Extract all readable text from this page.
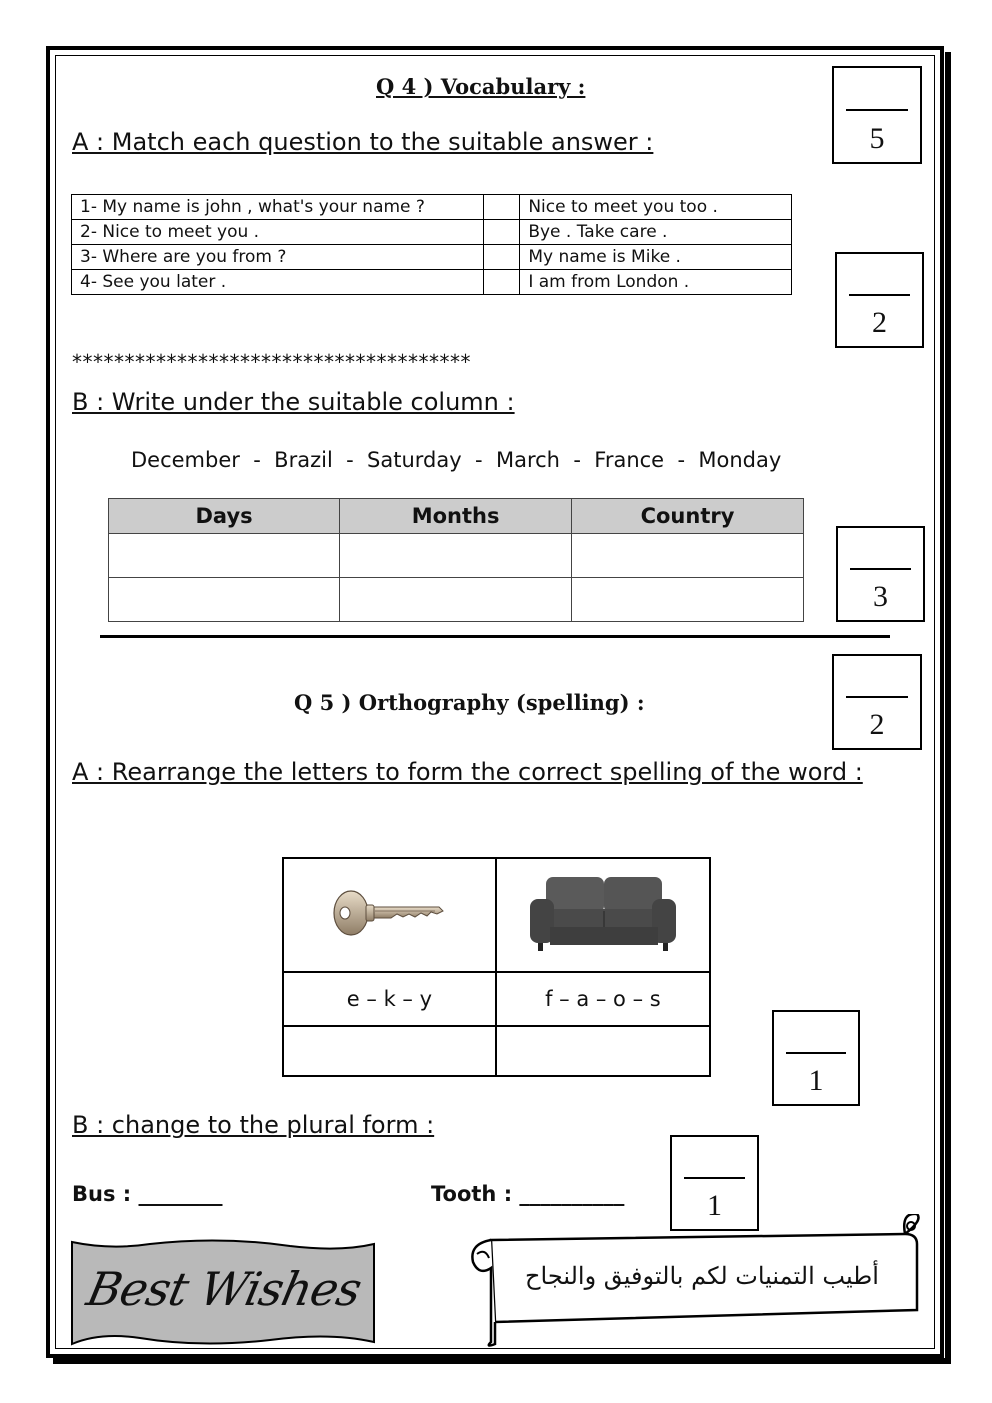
Q 4 ) Vocabulary :
5
A : Match each question to the suitable answer :
1- My name is john , what's your name ?		Nice to meet you too .
2- Nice to meet you .		Bye . Take care .
3- Where are you from ?		My name is Mike .
4- See you later .		I am from London .
2
**************************************
B : Write under the suitable column :
December  -  Brazil  -  Saturday  -  March  -  France  -  Monday
Days	Months	Country

3
Q 5 ) Orthography (spelling) :
2
A : Rearrange the letters to form the correct spelling of the word :

e – k – y	f – a – o – s

1
B : change to the plural form :
Bus : ________	Tooth : __________	1
Best Wishes	أطيب التمنيات لكم بالتوفيق والنجاح
